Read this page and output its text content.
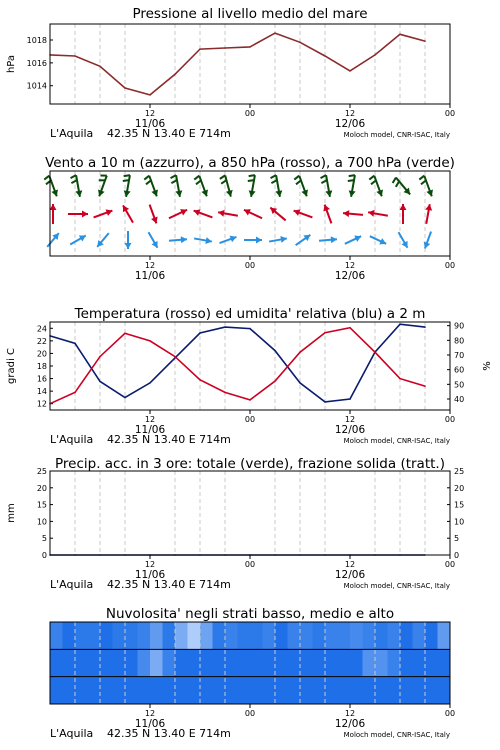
Pressione al livello medio del mare
1014
1016
1018
hPa
12	00	12	00
11/06	12/06
L'Aquila 42.35 N 13.40 E 714m	Moloch model, CNR-ISAC, Italy
Vento a 10 m (azzurro), a 850 hPa (rosso), a 700 hPa (verde)
12	00	12	00
11/06	12/06
Temperatura (rosso) ed umidita' relativa (blu) a 2 m
12
14
16
18
20
22
24
40
50
60
70
80
90
gradi C	%
12	00	12	00
11/06	12/06
L'Aquila 42.35 N 13.40 E 714m	Moloch model, CNR-ISAC, Italy
Precip. acc. in 3 ore: totale (verde), frazione solida (tratt.)
0
5
10
15
20
25
0
5
10
15
20
25
mm
12	00	12	00
11/06	12/06
L'Aquila 42.35 N 13.40 E 714m	Moloch model, CNR-ISAC, Italy
Nuvolosita' negli strati basso, medio e alto
12	00	12	00
11/06	12/06
L'Aquila 42.35 N 13.40 E 714m	Moloch model, CNR-ISAC, Italy
